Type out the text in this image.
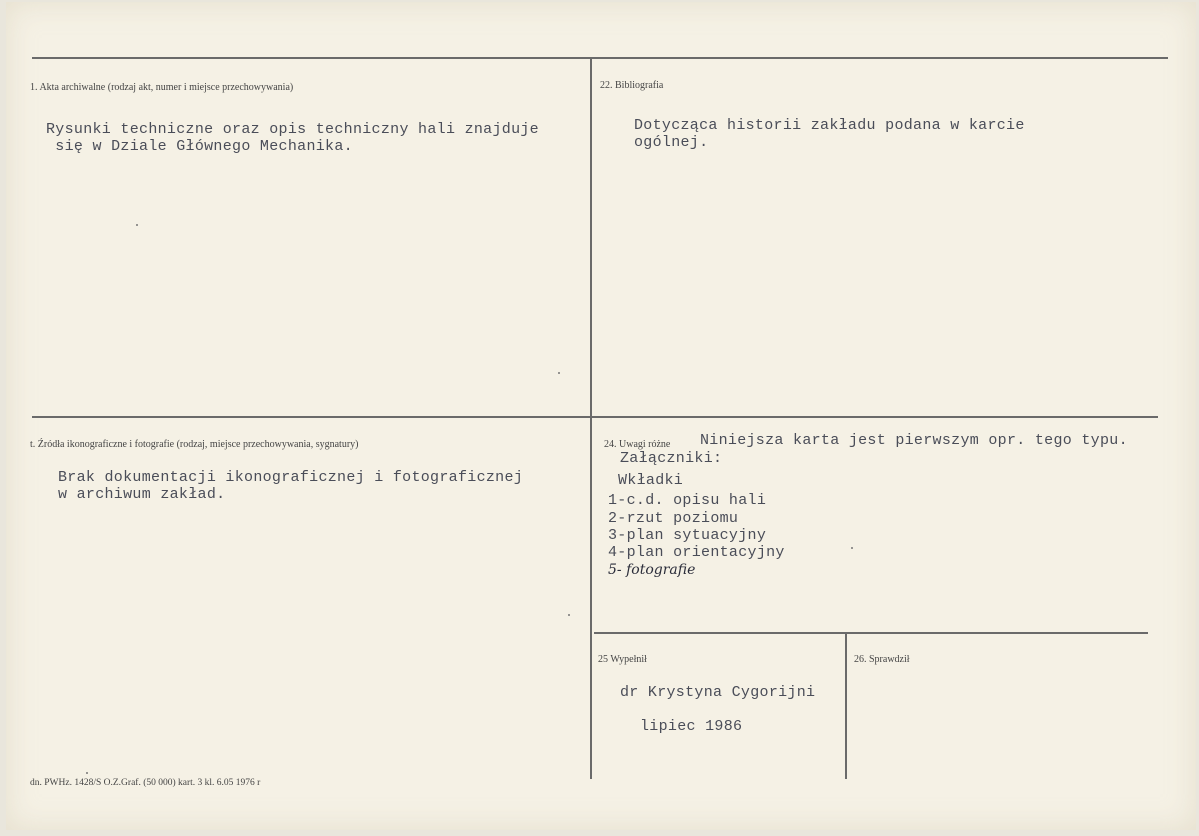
1. Akta archiwalne (rodzaj akt, numer i miejsce przechowywania)
Rysunki techniczne oraz opis techniczny hali znajduje
się w Dziale Głównego Mechanika.
22. Bibliografia
Dotycząca historii zakładu podana w karcie
ogólnej.
t. Źródła ikonograficzne i fotografie (rodzaj, miejsce przechowywania, sygnatury)
Brak dokumentacji ikonograficznej i fotograficznej
w archiwum zakład.
24. Uwagi różne Niniejsza karta jest pierwszym opr. tego typu.
Załączniki:
Wkładki
1-c.d. opisu hali
2-rzut poziomu
3-plan sytuacyjny
4-plan orientacyjny
5- fotografie
25 Wypełnił
dr Krystyna Cygorijni
lipiec 1986
26. Sprawdził
dn. PWHz. 1428/S O.Z.Graf. (50 000) kart. 3 kl. 6.05 1976 r
